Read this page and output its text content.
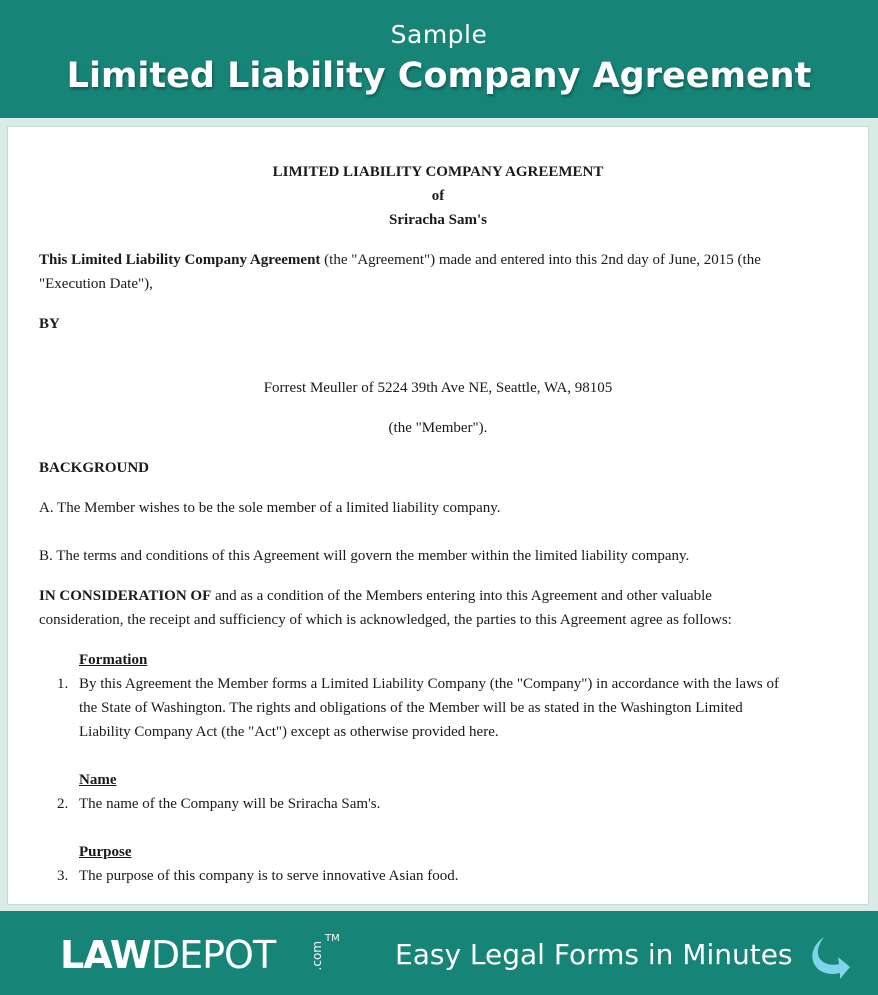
Sample
Limited Liability Company Agreement
LIMITED LIABILITY COMPANY AGREEMENT
of
Sriracha Sam's
This Limited Liability Company Agreement (the "Agreement") made and entered into this 2nd day of June, 2015 (the
"Execution Date"),
BY
Forrest Meuller of 5224 39th Ave NE, Seattle, WA, 98105
(the "Member").
BACKGROUND
A. The Member wishes to be the sole member of a limited liability company.
B. The terms and conditions of this Agreement will govern the member within the limited liability company.
IN CONSIDERATION OF and as a condition of the Members entering into this Agreement and other valuable
consideration, the receipt and sufficiency of which is acknowledged, the parties to this Agreement agree as follows:
Formation
1. By this Agreement the Member forms a Limited Liability Company (the "Company") in accordance with the laws of
the State of Washington. The rights and obligations of the Member will be as stated in the Washington Limited
Liability Company Act (the "Act") except as otherwise provided here.
Name
2. The name of the Company will be Sriracha Sam's.
Purpose
3. The purpose of this company is to serve innovative Asian food.
LAWDEPOT	.com
TM Easy Legal Forms in Minutes
